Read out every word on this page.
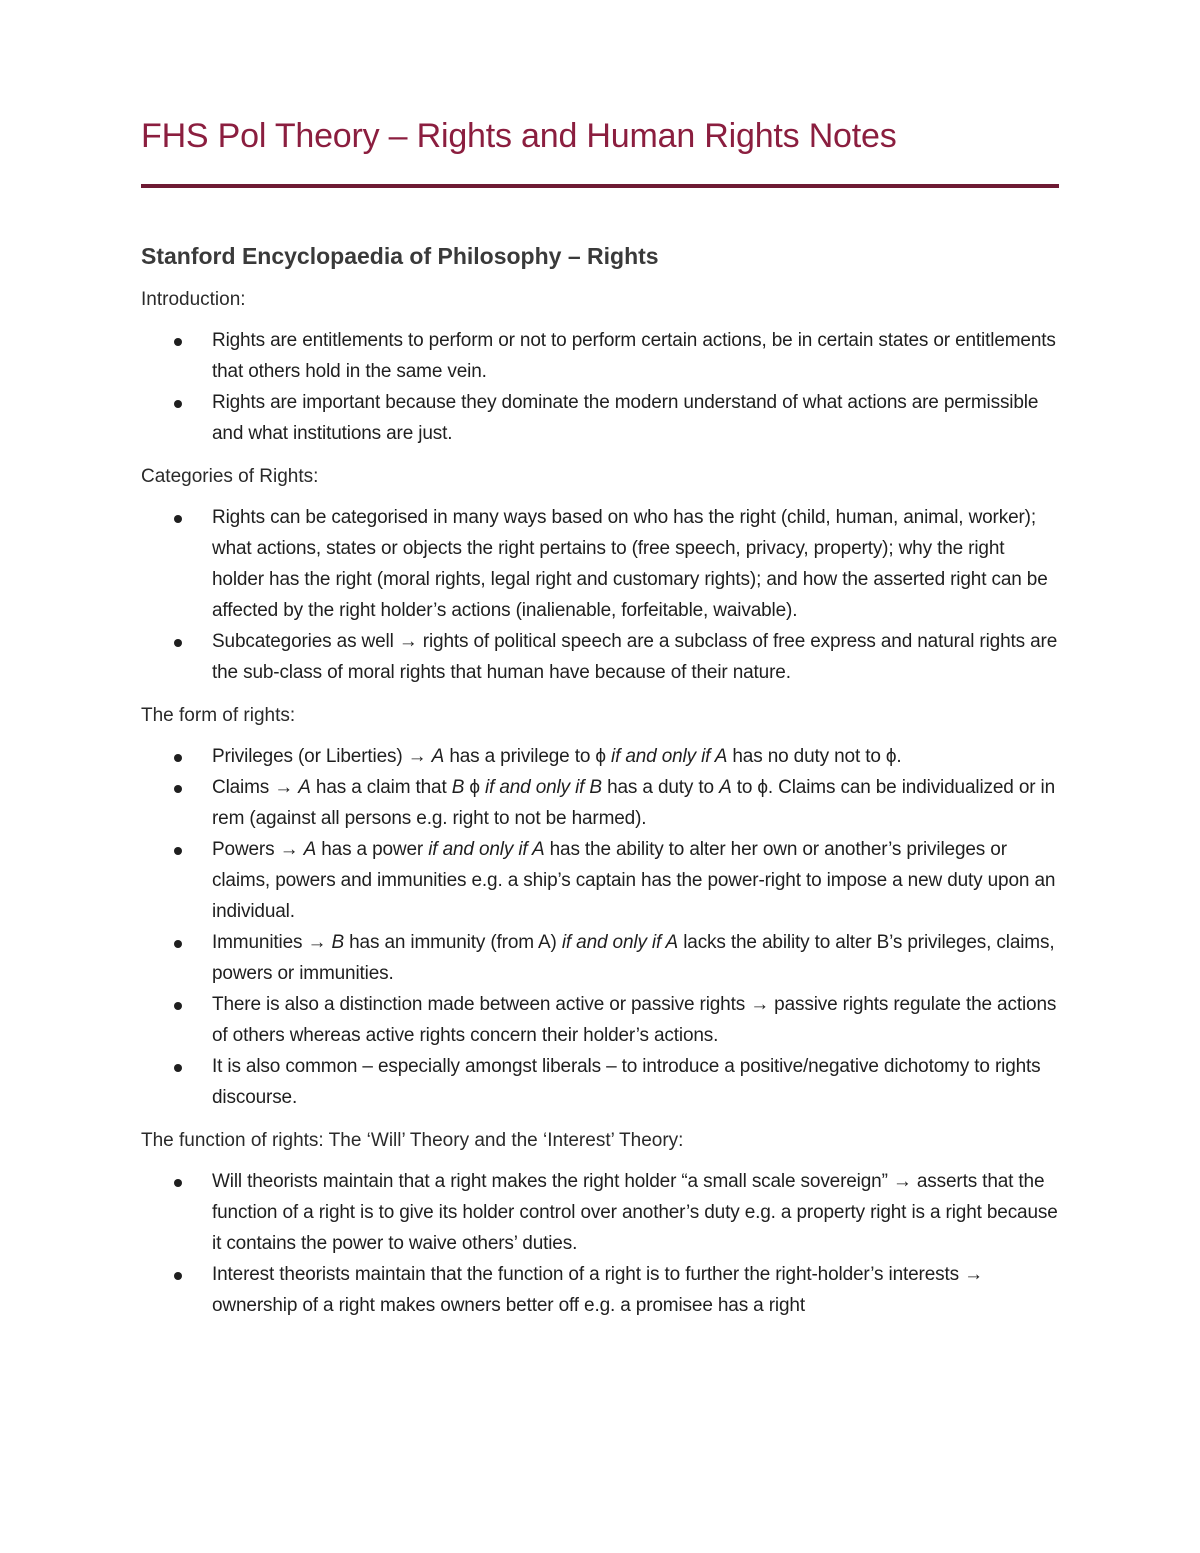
FHS Pol Theory – Rights and Human Rights Notes
Stanford Encyclopaedia of Philosophy – Rights

Introduction:

Rights are entitlements to perform or not to perform certain actions, be in certain states or entitlements that others hold in the same vein.
Rights are important because they dominate the modern understand of what actions are permissible and what institutions are just.

Categories of Rights:

Rights can be categorised in many ways based on who has the right (child, human, animal, worker); what actions, states or objects the right pertains to (free speech, privacy, property); why the right holder has the right (moral rights, legal right and customary rights); and how the asserted right can be affected by the right holder’s actions (inalienable, forfeitable, waivable).
Subcategories as well → rights of political speech are a subclass of free express and natural rights are the sub-class of moral rights that human have because of their nature.

The form of rights:

Privileges (or Liberties) → A has a privilege to ϕ if and only if A has no duty not to ϕ.
Claims → A has a claim that B ϕ if and only if B has a duty to A to ϕ. Claims can be individualized or in rem (against all persons e.g. right to not be harmed).
Powers → A has a power if and only if A has the ability to alter her own or another’s privileges or claims, powers and immunities e.g. a ship’s captain has the power-right to impose a new duty upon an individual.
Immunities → B has an immunity (from A) if and only if A lacks the ability to alter B’s privileges, claims, powers or immunities.
There is also a distinction made between active or passive rights → passive rights regulate the actions of others whereas active rights concern their holder’s actions.
It is also common – especially amongst liberals – to introduce a positive/negative dichotomy to rights discourse.

The function of rights: The ‘Will’ Theory and the ‘Interest’ Theory:

Will theorists maintain that a right makes the right holder “a small scale sovereign” → asserts that the function of a right is to give its holder control over another’s duty e.g. a property right is a right because it contains the power to waive others’ duties.
Interest theorists maintain that the function of a right is to further the right-holder’s interests → ownership of a right makes owners better off e.g. a promisee has a right
